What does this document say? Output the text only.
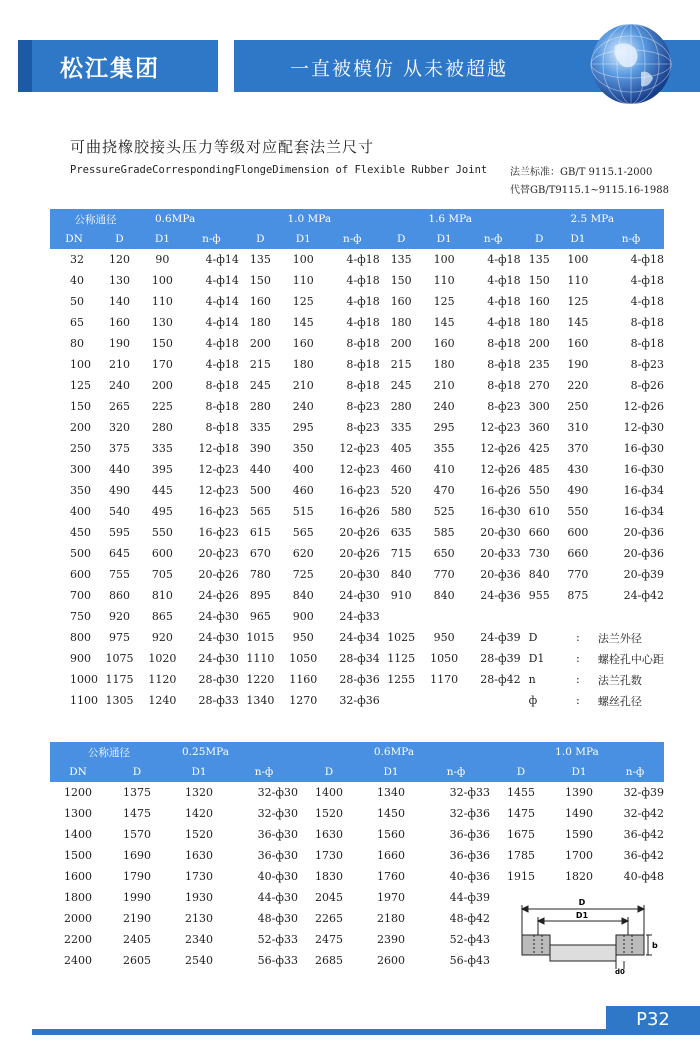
松江集团	一直被模仿 从未被超越
可曲挠橡胶接头压力等级对应配套法兰尺寸
PressureGradeCorrespondingFlongeDimension of Flexible Rubber Joint 法兰标准：GB/T 9115.1-2000
代替GB/T9115.1~9115.16-1988
公称通径		0.6MPa		1.0 MPa			1.6 MPa			2.5 MPa		
DN	D	D1	n-ф	D	D1	n-ф	D	D1	n-ф	D	D1	n-ф
32	120	90	4-ф14	135	100	4-ф18	135	100	4-ф18	135	100	4-ф18
40	130	100	4-ф14	150	110	4-ф18	150	110	4-ф18	150	110	4-ф18
50	140	110	4-ф14	160	125	4-ф18	160	125	4-ф18	160	125	4-ф18
65	160	130	4-ф14	180	145	4-ф18	180	145	4-ф18	180	145	8-ф18
80	190	150	4-ф18	200	160	8-ф18	200	160	8-ф18	200	160	8-ф18
100	210	170	4-ф18	215	180	8-ф18	215	180	8-ф18	235	190	8-ф23
125	240	200	8-ф18	245	210	8-ф18	245	210	8-ф18	270	220	8-ф26
150	265	225	8-ф18	280	240	8-ф23	280	240	8-ф23	300	250	12-ф26
200	320	280	8-ф18	335	295	8-ф23	335	295	12-ф23	360	310	12-ф30
250	375	335	12-ф18	390	350	12-ф23	405	355	12-ф26	425	370	16-ф30
300	440	395	12-ф23	440	400	12-ф23	460	410	12-ф26	485	430	16-ф30
350	490	445	12-ф23	500	460	16-ф23	520	470	16-ф26	550	490	16-ф34
400	540	495	16-ф23	565	515	16-ф26	580	525	16-ф30	610	550	16-ф34
450	595	550	16-ф23	615	565	20-ф26	635	585	20-ф30	660	600	20-ф36
500	645	600	20-ф23	670	620	20-ф26	715	650	20-ф33	730	660	20-ф36
600	755	705	20-ф26	780	725	20-ф30	840	770	20-ф36	840	770	20-ф39
700	860	810	24-ф26	895	840	24-ф30	910	840	24-ф36	955	875	24-ф42
750	920	865	24-ф30	965	900	24-ф33						
800	975	920	24-ф30	1015	950	24-ф34	1025	950	24-ф39	D	:	法兰外径
900	1075	1020	24-ф30	1110	1050	28-ф34	1125	1050	28-ф39	D1	:	螺栓孔中心距
1000	1175	1120	28-ф30	1220	1160	28-ф36	1255	1170	28-ф42	n	:	法兰孔数
1100	1305	1240	28-ф33	1340	1270	32-ф36				ф	:	螺丝孔径
公称通径		0.25MPa		0.6MPa			1.0 MPa		
DN	D	D1	n-ф	D	D1	n-ф	D	D1	n-ф
1200	1375	1320	32-ф30	1400	1340	32-ф33	1455	1390	32-ф39
1300	1475	1420	32-ф30	1520	1450	32-ф36	1475	1490	32-ф42
1400	1570	1520	36-ф30	1630	1560	36-ф36	1675	1590	36-ф42
1500	1690	1630	36-ф30	1730	1660	36-ф36	1785	1700	36-ф42
1600	1790	1730	40-ф30	1830	1760	40-ф36	1915	1820	40-ф48
1800	1990	1930	44-ф30	2045	1970	44-ф39			
2000	2190	2130	48-ф30	2265	2180	48-ф42			
2200	2405	2340	52-ф33	2475	2390	52-ф43			
2400	2605	2540	56-ф33	2685	2600	56-ф43			
D
D1
b
d0
P32
